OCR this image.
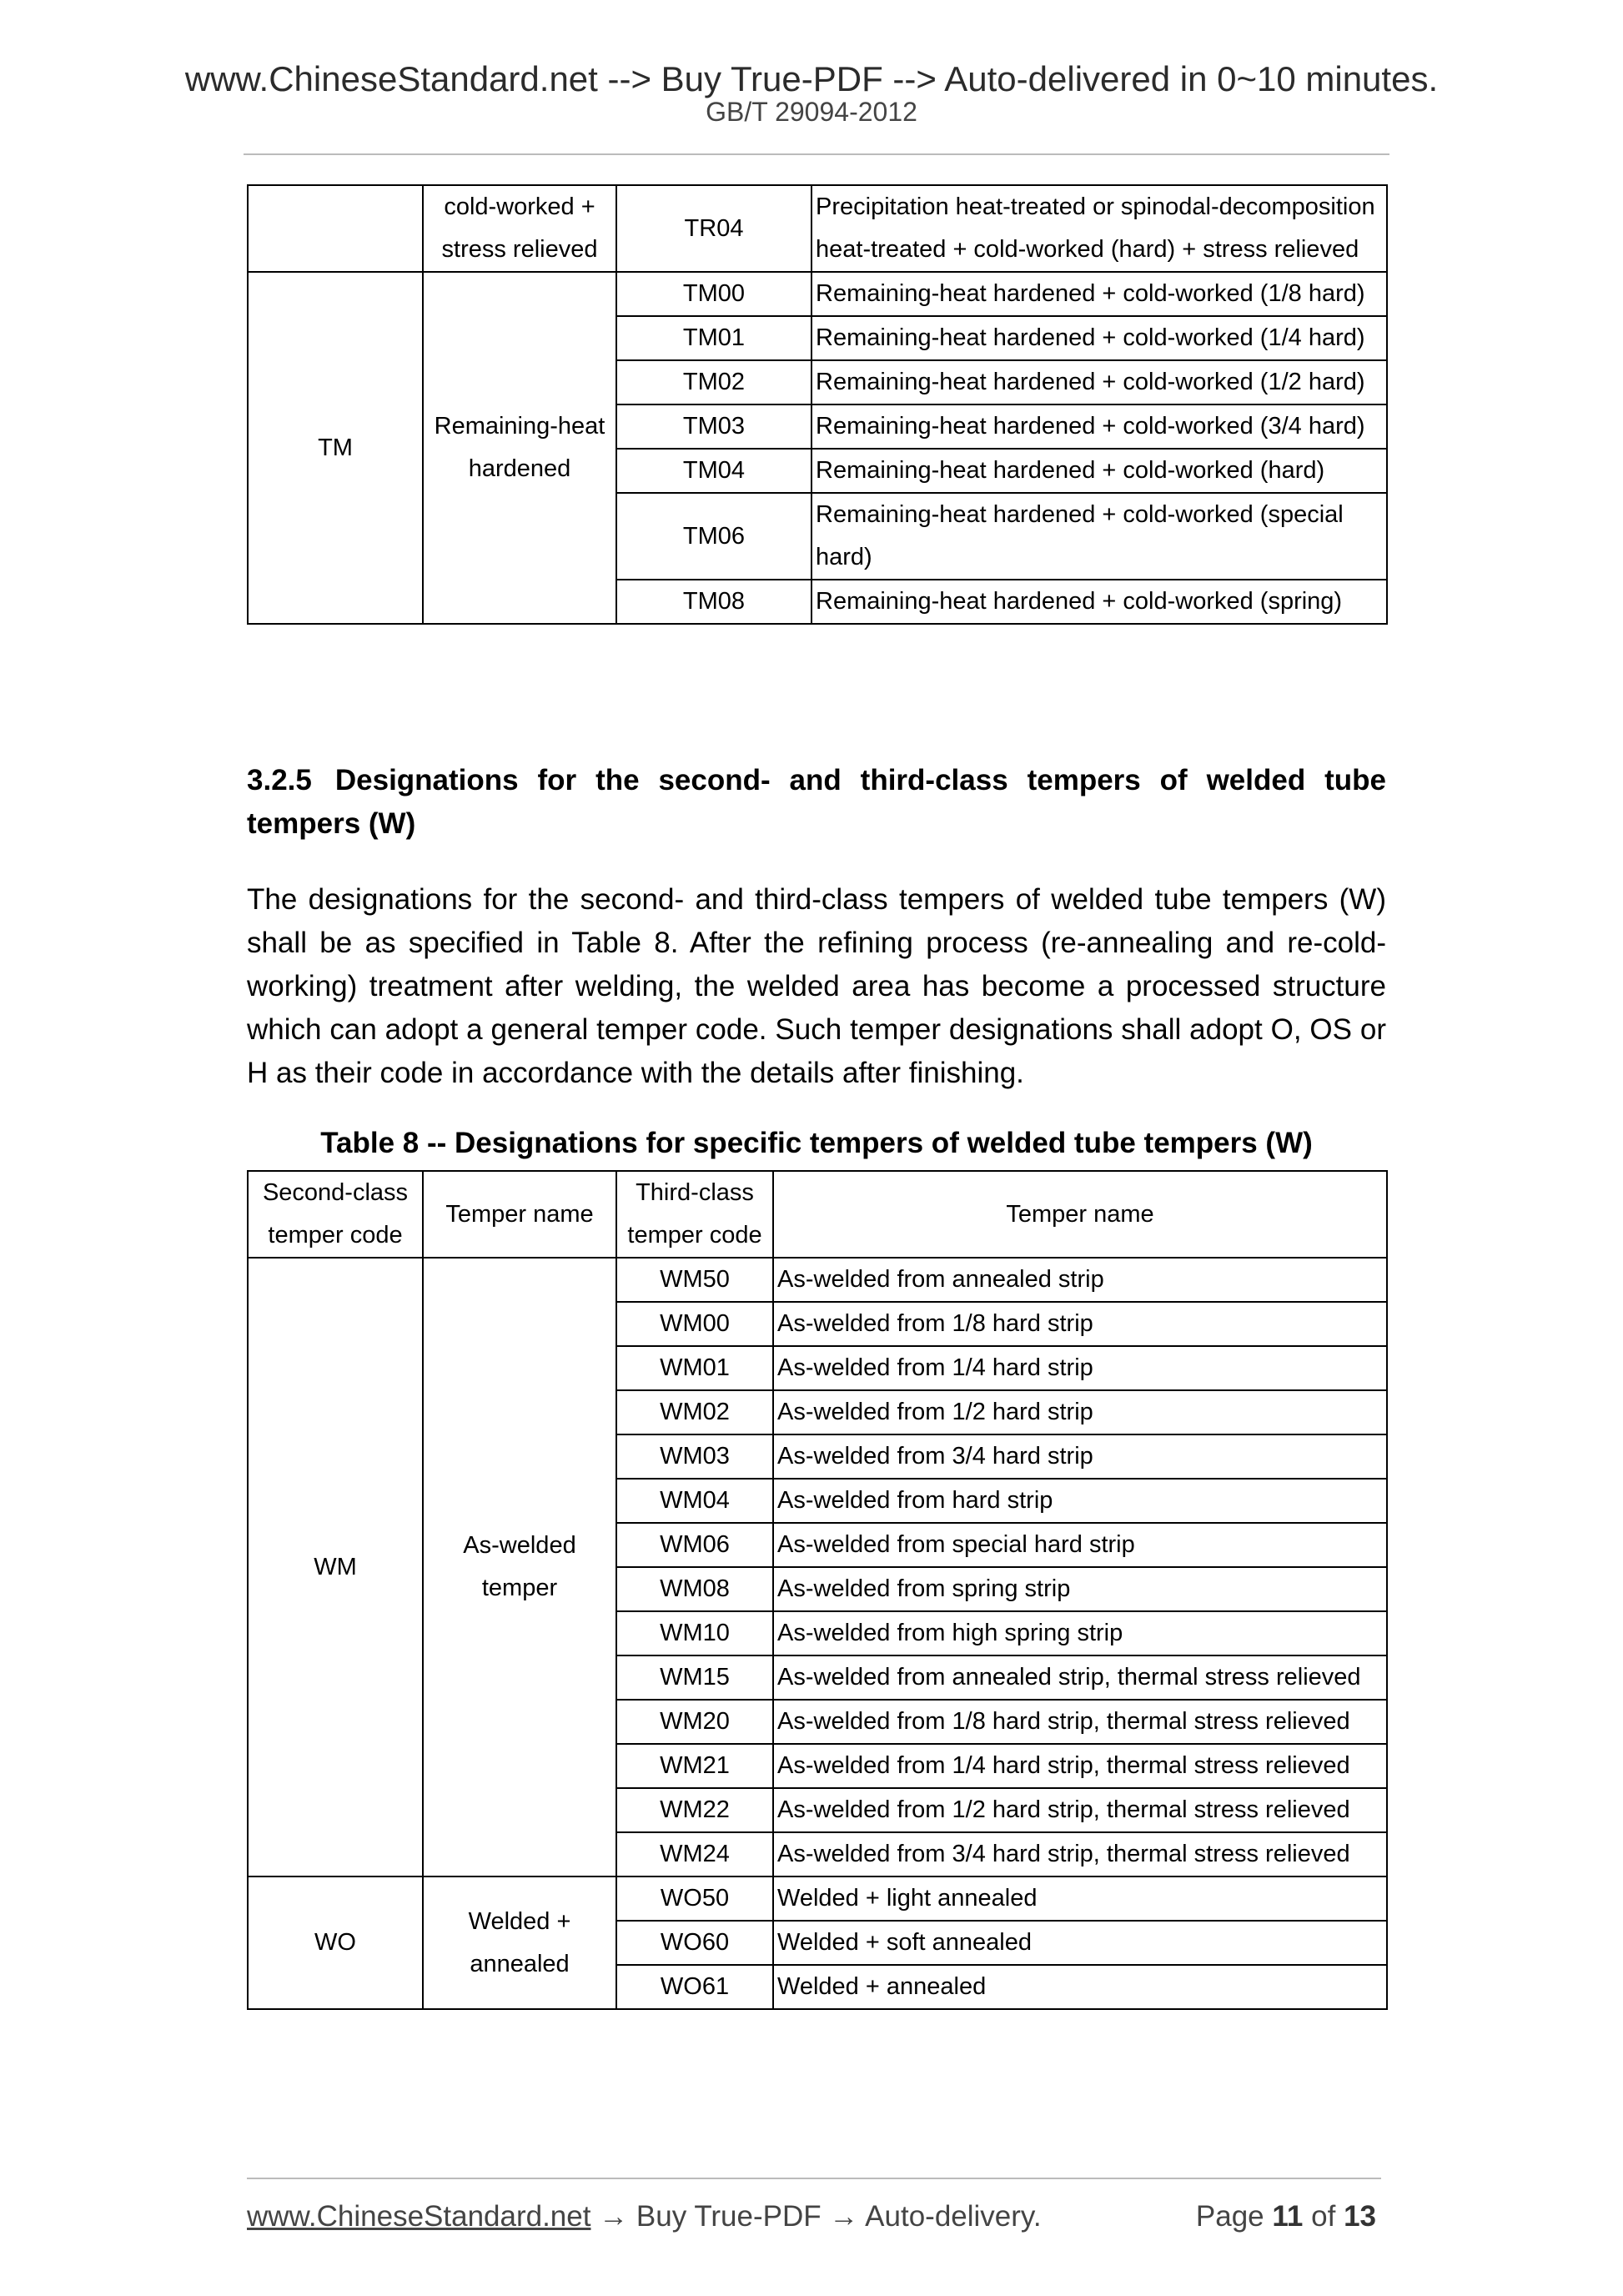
www.ChineseStandard.net --> Buy True-PDF --> Auto-delivered in 0~10 minutes.
GB/T 29094-2012
	cold-worked + stress relieved	TR04	Precipitation heat-treated or spinodal-decomposition heat-treated + cold-worked (hard) + stress relieved
TM	Remaining-heat hardened	TM00	Remaining-heat hardened + cold-worked (1/8 hard)
		TM01	Remaining-heat hardened + cold-worked (1/4 hard)
		TM02	Remaining-heat hardened + cold-worked (1/2 hard)
		TM03	Remaining-heat hardened + cold-worked (3/4 hard)
		TM04	Remaining-heat hardened + cold-worked (hard)
		TM06	Remaining-heat hardened + cold-worked (special hard)
		TM08	Remaining-heat hardened + cold-worked (spring)
3.2.5 Designations for the second- and third-class tempers of welded tube tempers (W)
The designations for the second- and third-class tempers of welded tube tempers (W) shall be as specified in Table 8. After the refining process (re-annealing and re-cold-working) treatment after welding, the welded area has become a processed structure which can adopt a general temper code. Such temper designations shall adopt O, OS or H as their code in accordance with the details after finishing.
Table 8 -- Designations for specific tempers of welded tube tempers (W)
Second-class temper code	Temper name	Third-class temper code	Temper name
WM	As-welded temper	WM50	As-welded from annealed strip
		WM00	As-welded from 1/8 hard strip
		WM01	As-welded from 1/4 hard strip
		WM02	As-welded from 1/2 hard strip
		WM03	As-welded from 3/4 hard strip
		WM04	As-welded from hard strip
		WM06	As-welded from special hard strip
		WM08	As-welded from spring strip
		WM10	As-welded from high spring strip
		WM15	As-welded from annealed strip, thermal stress relieved
		WM20	As-welded from 1/8 hard strip, thermal stress relieved
		WM21	As-welded from 1/4 hard strip, thermal stress relieved
		WM22	As-welded from 1/2 hard strip, thermal stress relieved
		WM24	As-welded from 3/4 hard strip, thermal stress relieved
WO	Welded + annealed	WO50	Welded + light annealed
		WO60	Welded + soft annealed
		WO61	Welded + annealed
www.ChineseStandard.net → Buy True-PDF → Auto-delivery.	Page 11 of 13
